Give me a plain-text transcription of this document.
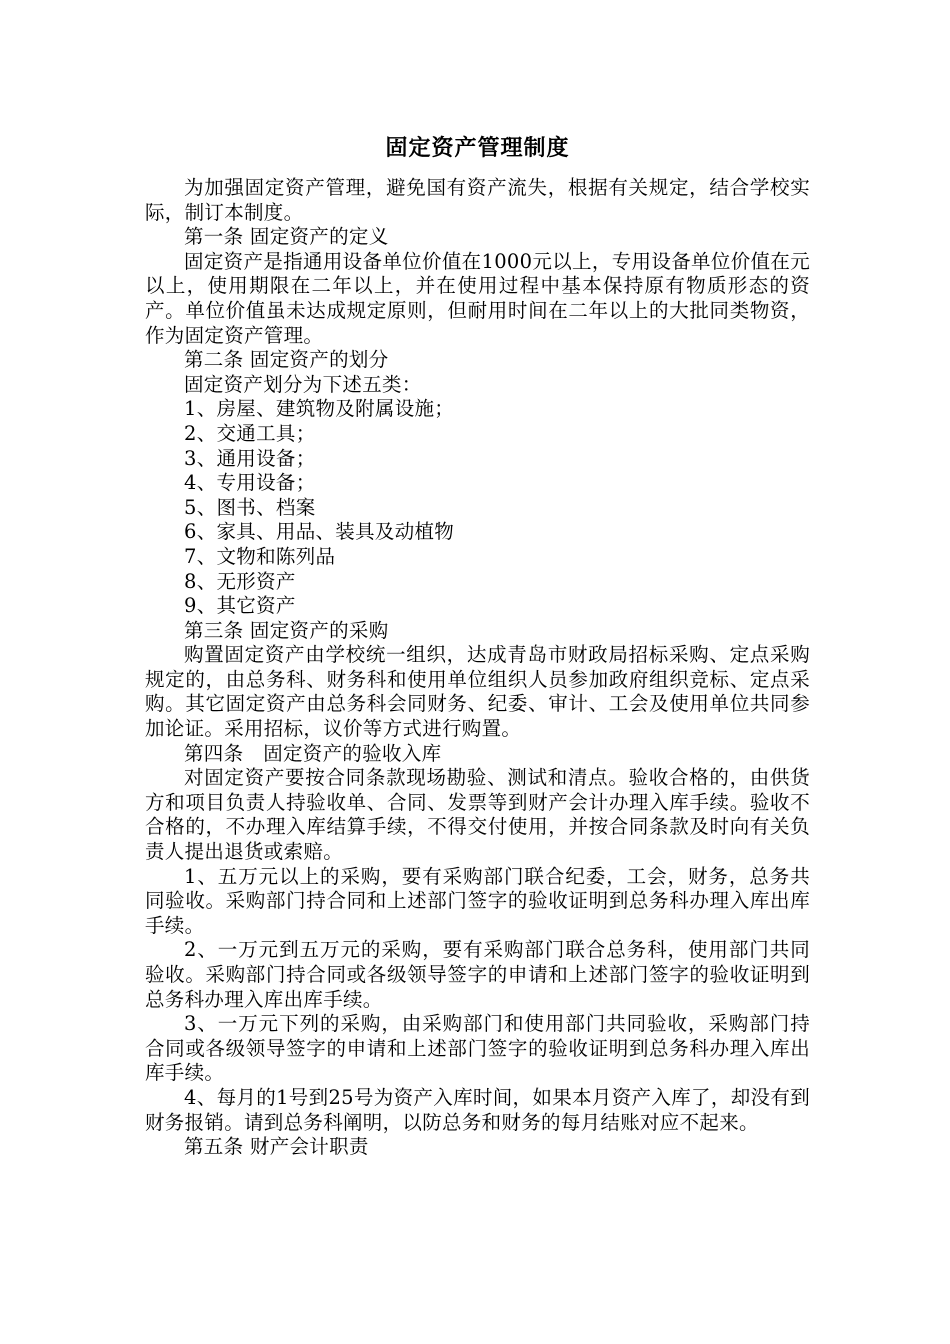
固定资产管理制度

为加强固定资产管理，避免国有资产流失，根据有关规定，结合学校实际，制订本制度。

第一条 固定资产的定义

固定资产是指通用设备单位价值在1000元以上，专用设备单位价值在元以上，使用期限在二年以上，并在使用过程中基本保持原有物质形态的资产。单位价值虽未达成规定原则，但耐用时间在二年以上的大批同类物资，作为固定资产管理。

第二条 固定资产的划分

固定资产划分为下述五类：

1、房屋、建筑物及附属设施；

2、交通工具；

3、通用设备；

4、专用设备；

5、图书、档案

6、家具、用品、装具及动植物

7、文物和陈列品

8、无形资产

9、其它资产

第三条 固定资产的采购

购置固定资产由学校统一组织，达成青岛市财政局招标采购、定点采购规定的，由总务科、财务科和使用单位组织人员参加政府组织竞标、定点采购。其它固定资产由总务科会同财务、纪委、审计、工会及使用单位共同参加论证。采用招标，议价等方式进行购置。

第四条　固定资产的验收入库

对固定资产要按合同条款现场勘验、测试和清点。验收合格的，由供货方和项目负责人持验收单、合同、发票等到财产会计办理入库手续。验收不合格的，不办理入库结算手续，不得交付使用，并按合同条款及时向有关负责人提出退货或索赔。

1、五万元以上的采购，要有采购部门联合纪委，工会，财务，总务共同验收。采购部门持合同和上述部门签字的验收证明到总务科办理入库出库手续。

2、一万元到五万元的采购，要有采购部门联合总务科，使用部门共同验收。采购部门持合同或各级领导签字的申请和上述部门签字的验收证明到总务科办理入库出库手续。

3、一万元下列的采购，由采购部门和使用部门共同验收，采购部门持合同或各级领导签字的申请和上述部门签字的验收证明到总务科办理入库出库手续。

4、每月的1号到25号为资产入库时间，如果本月资产入库了，却没有到财务报销。请到总务科阐明，以防总务和财务的每月结账对应不起来。

第五条 财产会计职责
